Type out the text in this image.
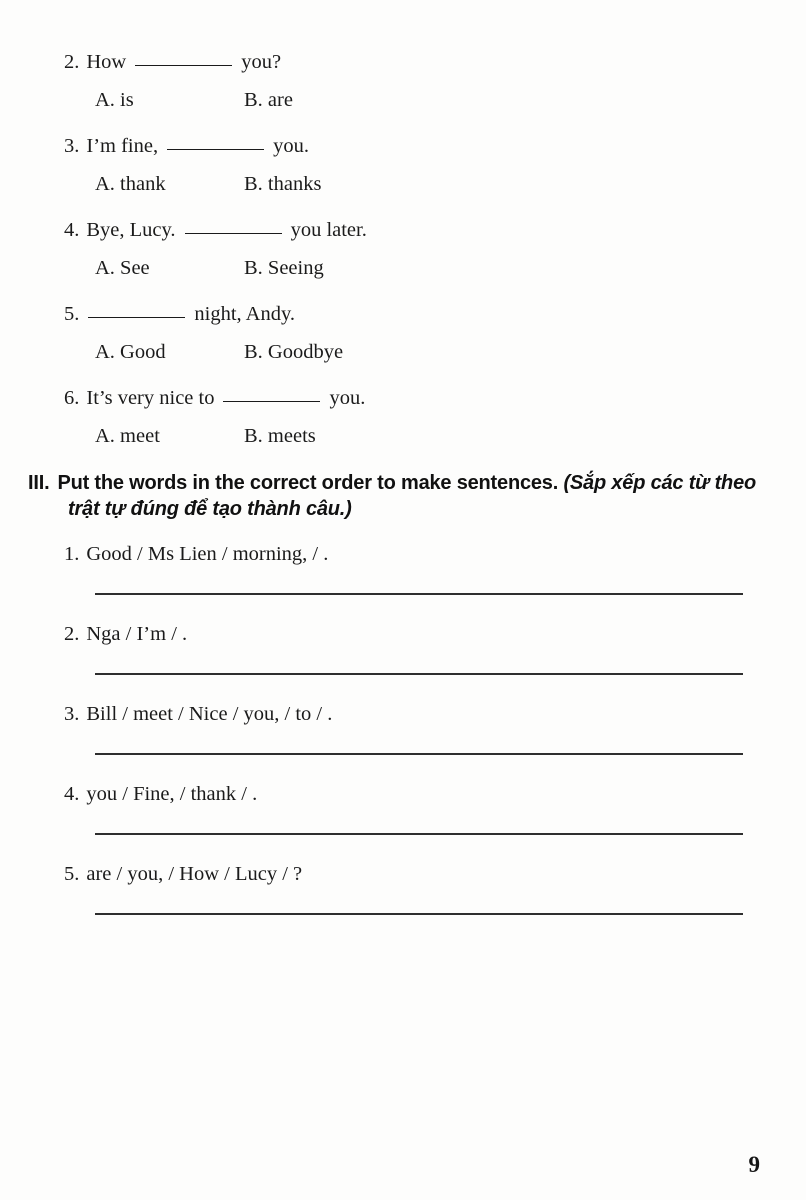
2. How	you?
A. is	B. are
3. I’m fine,	you.
A. thank	B. thanks
4. Bye, Lucy.	you later.
A. See	B. Seeing
5.	night, Andy.
A. Good	B. Goodbye
6. It’s very nice to	you.
A. meet	B. meets
III. Put the words in the correct order to make sentences. (Sắp xếp các từ theo trật tự đúng để tạo thành câu.)
1. Good / Ms Lien / morning, / .
2. Nga / I’m / .
3. Bill / meet / Nice / you, / to / .
4. you / Fine, / thank / .
5. are / you, / How / Lucy / ?
9
